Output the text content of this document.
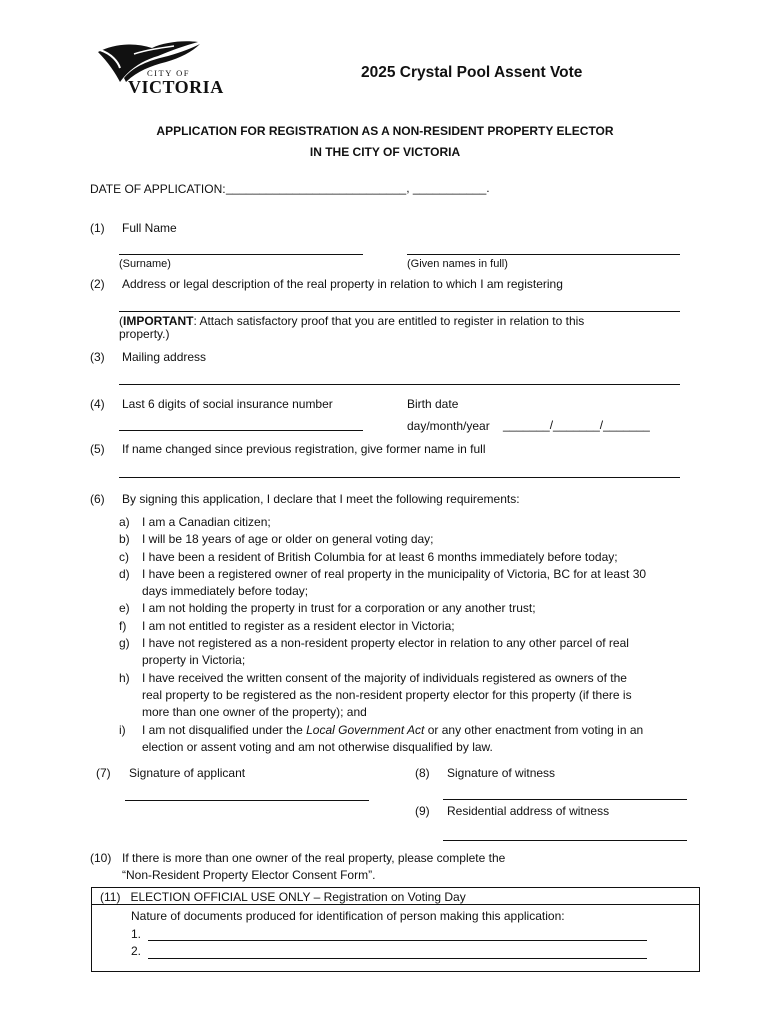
CITY OF
VICTORIA
2025 Crystal Pool Assent Vote
APPLICATION FOR REGISTRATION AS A NON-RESIDENT PROPERTY ELECTOR
IN THE CITY OF VICTORIA
DATE OF APPLICATION: ___________________________, ___________.
(1) Full Name
(Surname)	(Given names in full)
(2) Address or legal description of the real property in relation to which I am registering
(IMPORTANT: Attach satisfactory proof that you are entitled to register in relation to this
property.)
(3) Mailing address
(4) Last 6 digits of social insurance number	Birth date
day/month/year _______/_______/_______
(5) If name changed since previous registration, give former name in full
(6) By signing this application, I declare that I meet the following requirements:
a) I am a Canadian citizen;
b) I will be 18 years of age or older on general voting day;
c) I have been a resident of British Columbia for at least 6 months immediately before today;
d) I have been a registered owner of real property in the municipality of Victoria, BC for at least 30
days immediately before today;
e) I am not holding the property in trust for a corporation or any another trust;
f) I am not entitled to register as a resident elector in Victoria;
g) I have not registered as a non-resident property elector in relation to any other parcel of real
property in Victoria;
h) I have received the written consent of the majority of individuals registered as owners of the
real property to be registered as the non-resident property elector for this property (if there is
more than one owner of the property); and
i) I am not disqualified under the Local Government Act or any other enactment from voting in an
election or assent voting and am not otherwise disqualified by law.
(7) Signature of applicant	(8) Signature of witness
(9) Residential address of witness
(10) If there is more than one owner of the real property, please complete the
“Non-Resident Property Elector Consent Form”.
(11)   ELECTION OFFICIAL USE ONLY – Registration on Voting Day
Nature of documents produced for identification of person making this application:
1.
2.
